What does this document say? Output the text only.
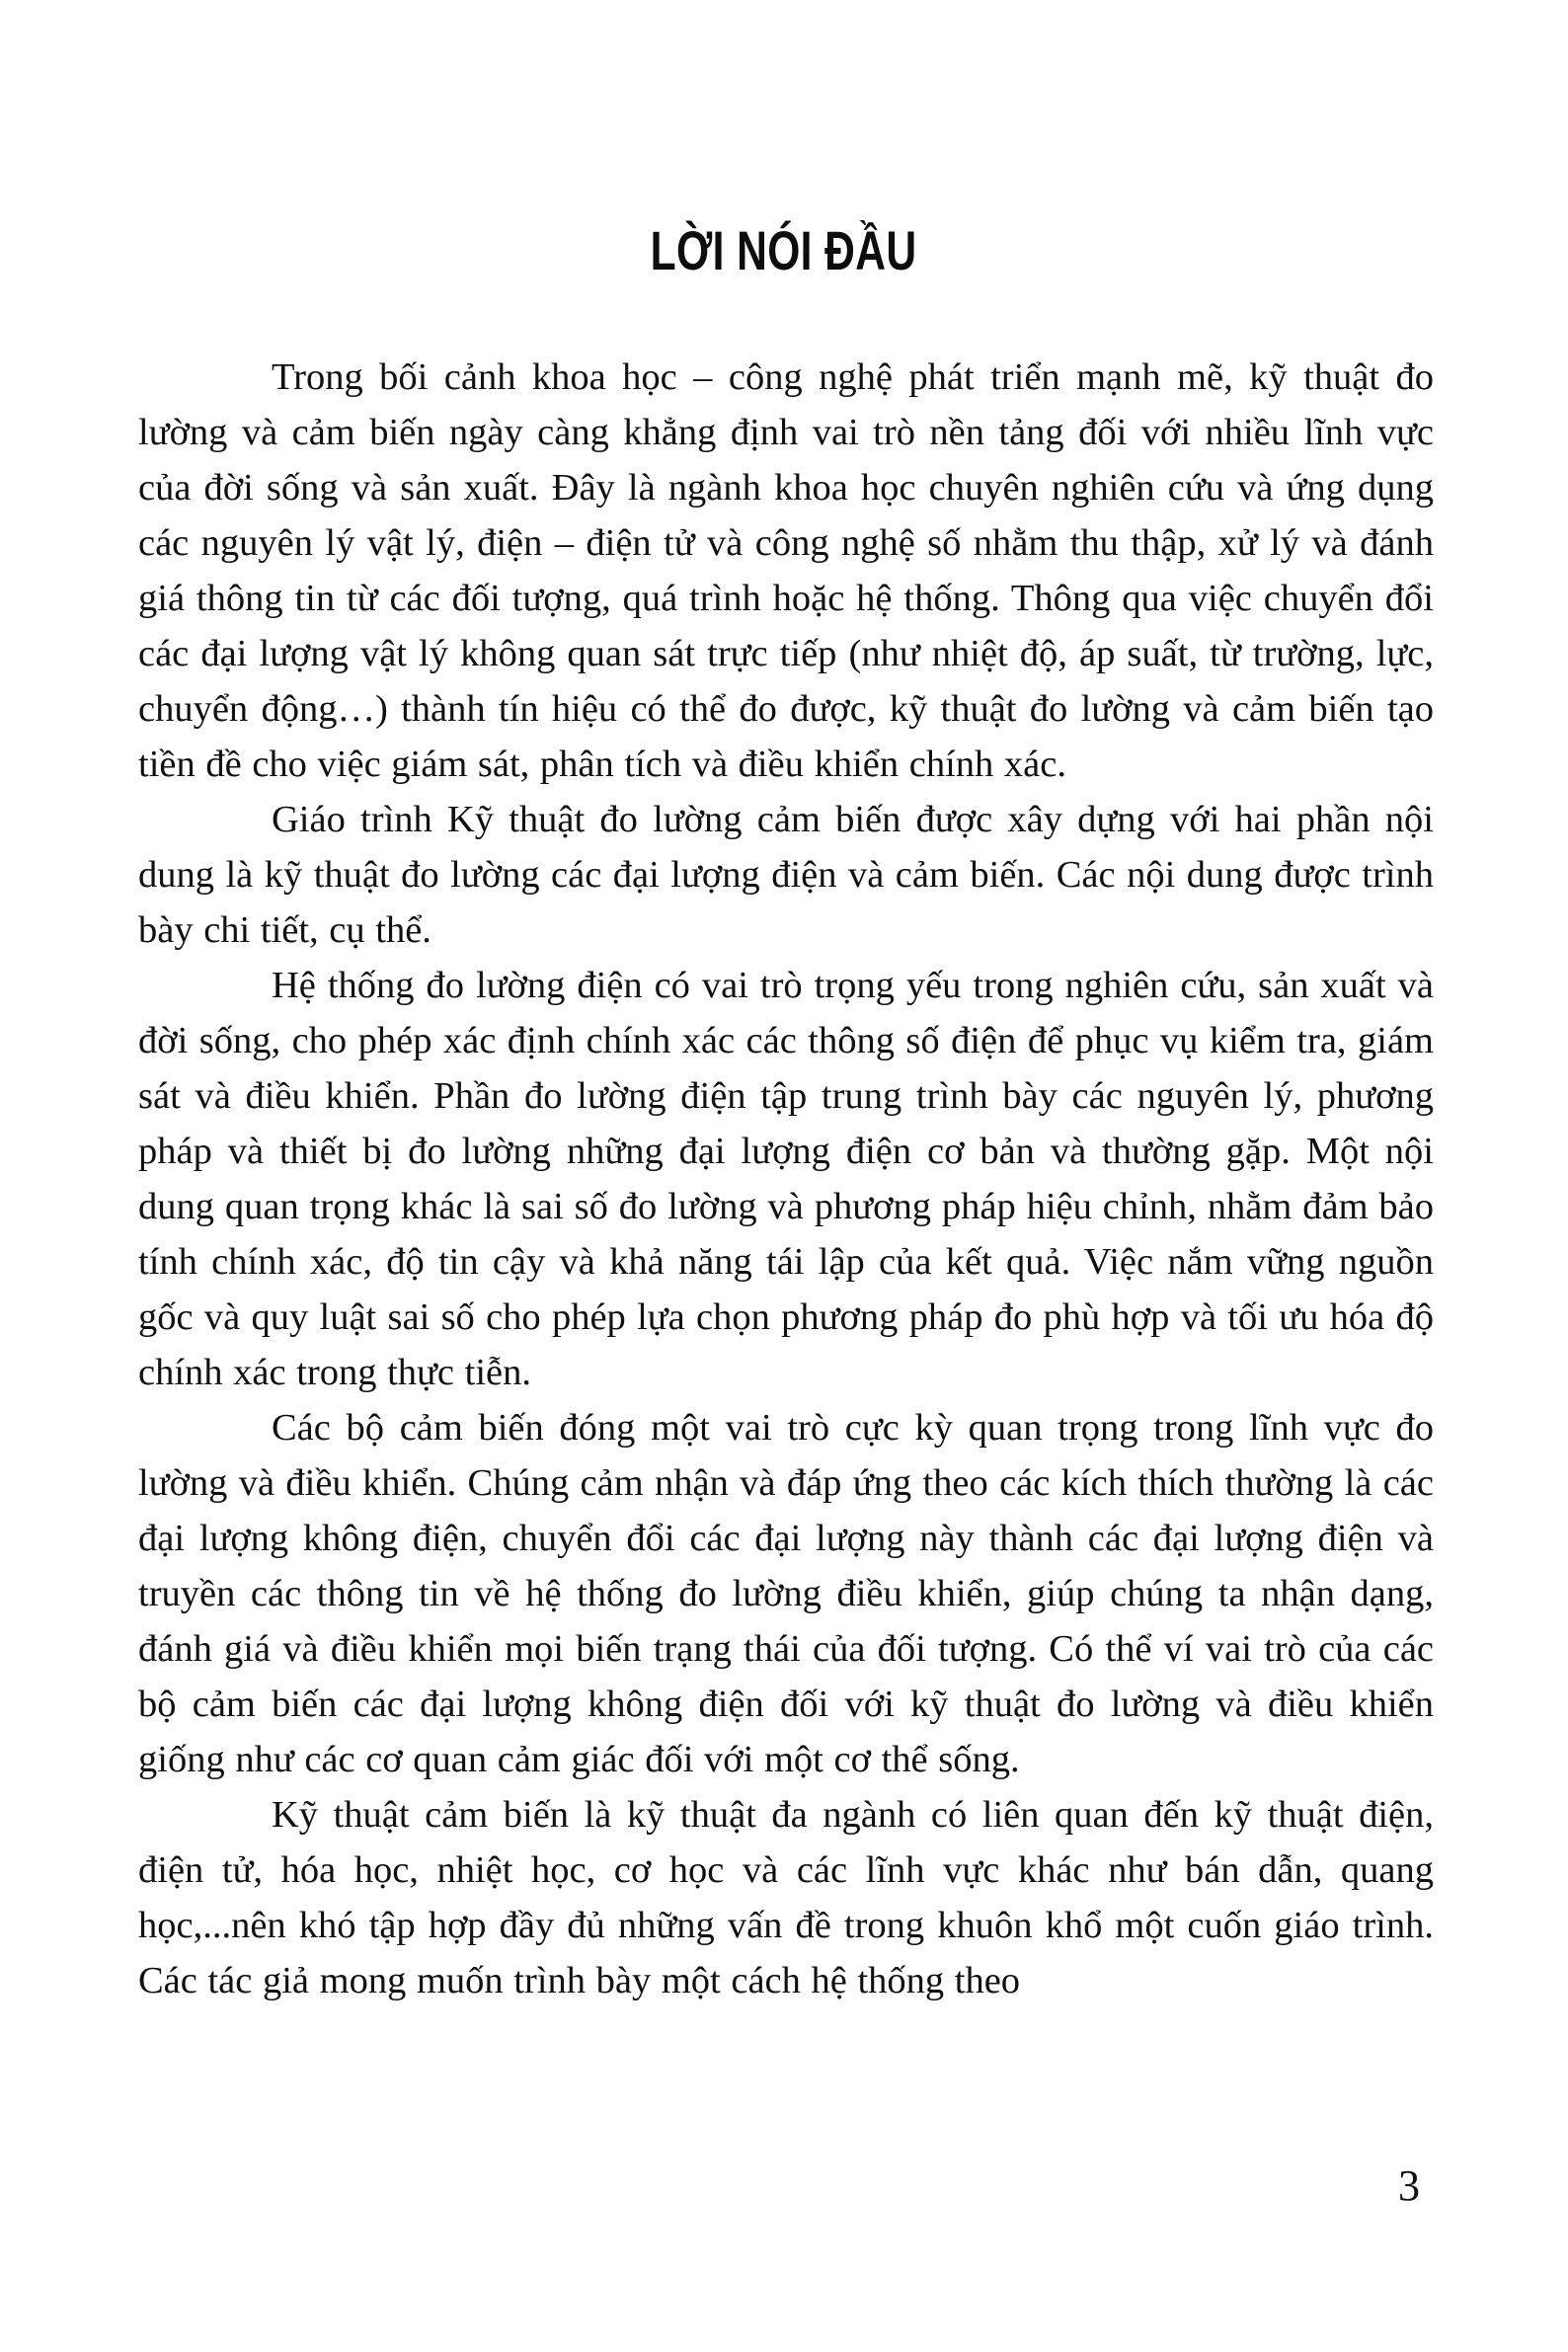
LỜI NÓI ĐẦU

Trong bối cảnh khoa học – công nghệ phát triển mạnh mẽ, kỹ thuật đo lường và cảm biến ngày càng khẳng định vai trò nền tảng đối với nhiều lĩnh vực của đời sống và sản xuất. Đây là ngành khoa học chuyên nghiên cứu và ứng dụng các nguyên lý vật lý, điện – điện tử và công nghệ số nhằm thu thập, xử lý và đánh giá thông tin từ các đối tượng, quá trình hoặc hệ thống. Thông qua việc chuyển đổi các đại lượng vật lý không quan sát trực tiếp (như nhiệt độ, áp suất, từ trường, lực, chuyển động…) thành tín hiệu có thể đo được, kỹ thuật đo lường và cảm biến tạo tiền đề cho việc giám sát, phân tích và điều khiển chính xác.

Giáo trình Kỹ thuật đo lường cảm biến được xây dựng với hai phần nội dung là kỹ thuật đo lường các đại lượng điện và cảm biến. Các nội dung được trình bày chi tiết, cụ thể.

Hệ thống đo lường điện có vai trò trọng yếu trong nghiên cứu, sản xuất và đời sống, cho phép xác định chính xác các thông số điện để phục vụ kiểm tra, giám sát và điều khiển. Phần đo lường điện tập trung trình bày các nguyên lý, phương pháp và thiết bị đo lường những đại lượng điện cơ bản và thường gặp. Một nội dung quan trọng khác là sai số đo lường và phương pháp hiệu chỉnh, nhằm đảm bảo tính chính xác, độ tin cậy và khả năng tái lập của kết quả. Việc nắm vững nguồn gốc và quy luật sai số cho phép lựa chọn phương pháp đo phù hợp và tối ưu hóa độ chính xác trong thực tiễn.

Các bộ cảm biến đóng một vai trò cực kỳ quan trọng trong lĩnh vực đo lường và điều khiển. Chúng cảm nhận và đáp ứng theo các kích thích thường là các đại lượng không điện, chuyển đổi các đại lượng này thành các đại lượng điện và truyền các thông tin về hệ thống đo lường điều khiển, giúp chúng ta nhận dạng, đánh giá và điều khiển mọi biến trạng thái của đối tượng. Có thể ví vai trò của các bộ cảm biến các đại lượng không điện đối với kỹ thuật đo lường và điều khiển giống như các cơ quan cảm giác đối với một cơ thể sống.

Kỹ thuật cảm biến là kỹ thuật đa ngành có liên quan đến kỹ thuật điện, điện tử, hóa học, nhiệt học, cơ học và các lĩnh vực khác như bán dẫn, quang học,...nên khó tập hợp đầy đủ những vấn đề trong khuôn khổ một cuốn giáo trình. Các tác giả mong muốn trình bày một cách hệ thống theo

3
